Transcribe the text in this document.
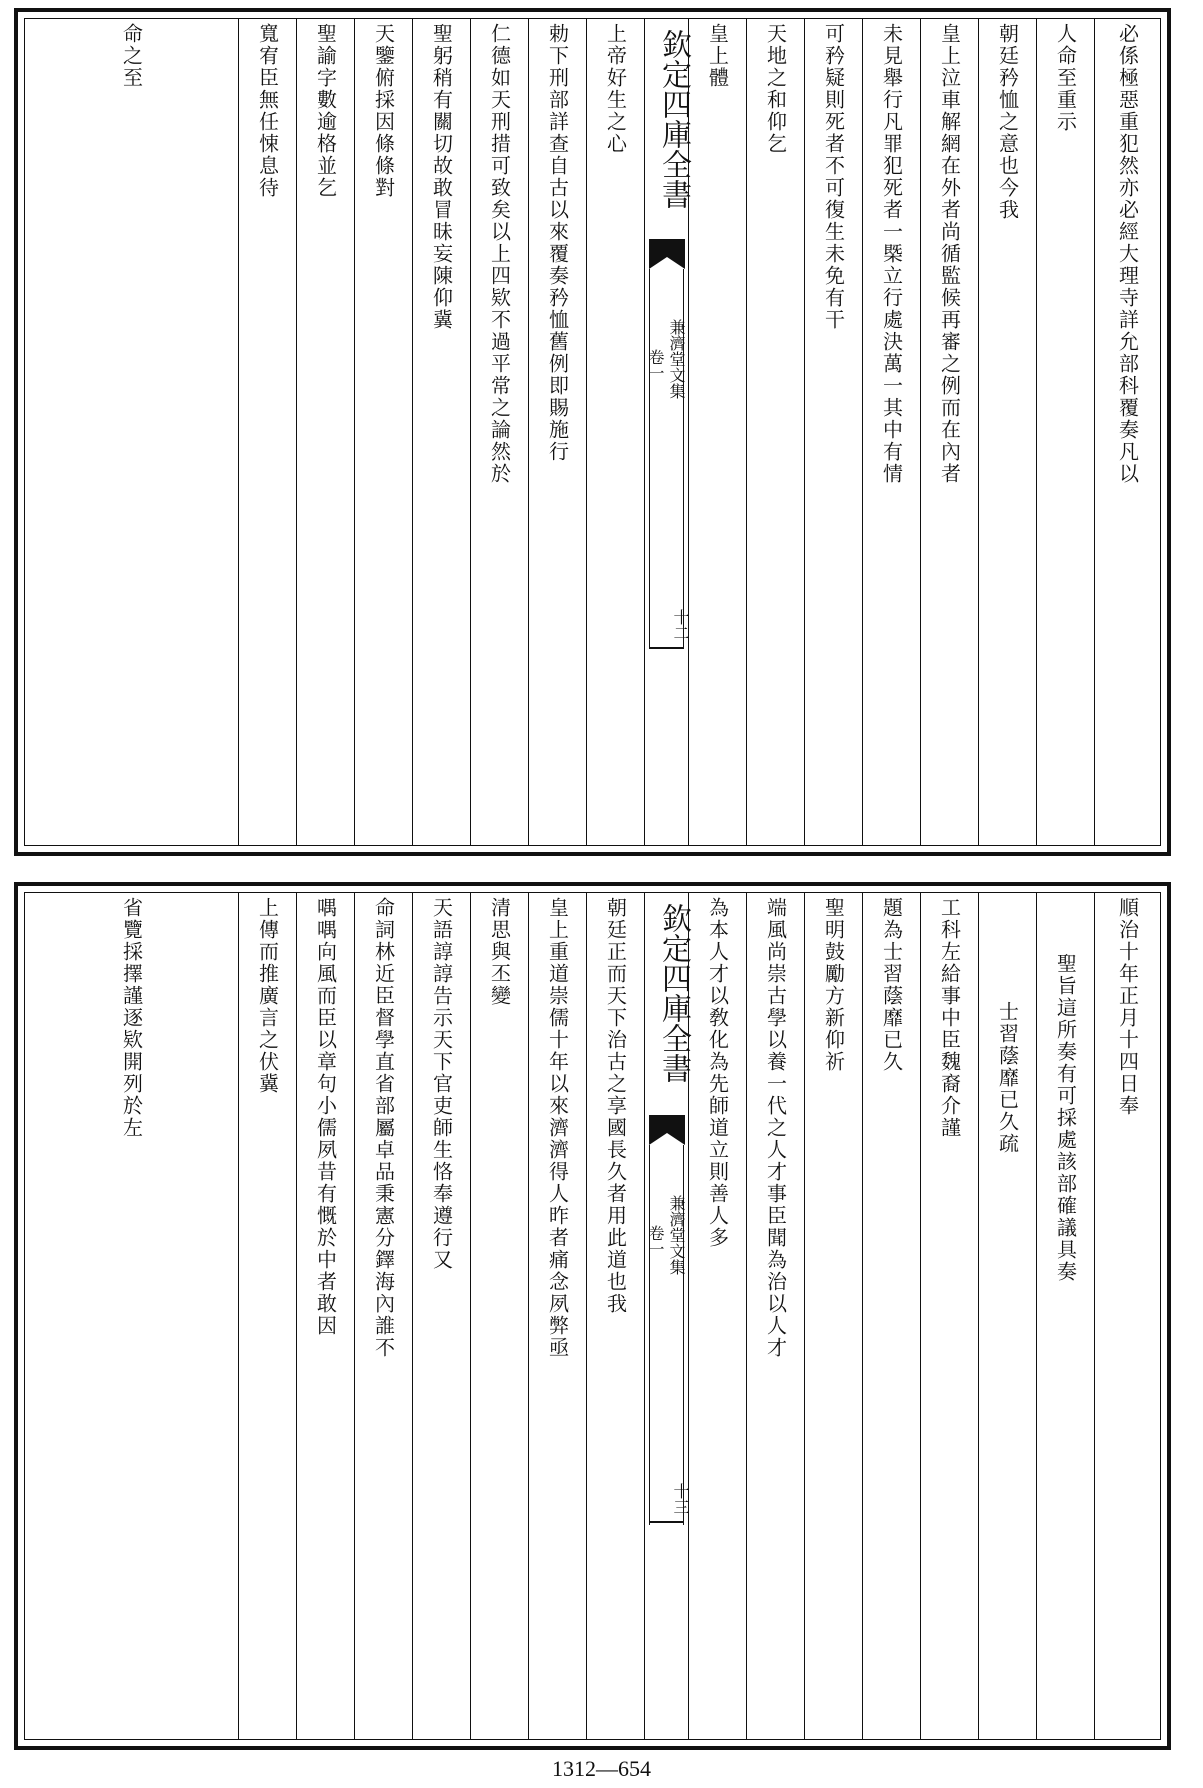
必係極惡重犯然亦必經大理寺詳允部科覆奏凡以
人命至重示
朝廷矜恤之意也今我
皇上泣車解網在外者尚循監候再審之例而在內者
未見舉行凡罪犯死者一槩立行處決萬一其中有情
可矜疑則死者不可復生未免有干
天地之和仰乞
皇上體
欽定四庫全書
卷一 兼濟堂文集
十二
上帝好生之心
勅下刑部詳查自古以來覆奏矜恤舊例即賜施行
仁德如天刑措可致矣以上四欵不過平常之論然於
聖躬稍有關切故敢冒昧妄陳仰冀
天鑒俯採因條條對
聖諭字數逾格並乞
寬宥臣無任悚息待
命之至
順治十年正月十四日奉
聖旨這所奏有可採處該部確議具奏
士習蔭靡已久疏
工科左給事中臣魏裔介謹
題為士習蔭靡已久
聖明鼓勵方新仰祈
端風尚崇古學以養一代之人才事臣聞為治以人才
為本人才以敎化為先師道立則善人多
欽定四庫全書
卷一 兼濟堂文集
十三
朝廷正而天下治古之享國長久者用此道也我
皇上重道崇儒十年以來濟濟得人昨者痛念夙弊亟
清思與丕變
天語諄諄告示天下官吏師生恪奉遵行又
命詞林近臣督學直省部屬卓品秉憲分鐸海內誰不
喁喁向風而臣以章句小儒夙昔有慨於中者敢因
上傳而推廣言之伏冀
省覽採擇謹逐欵開列於左
1312—654
